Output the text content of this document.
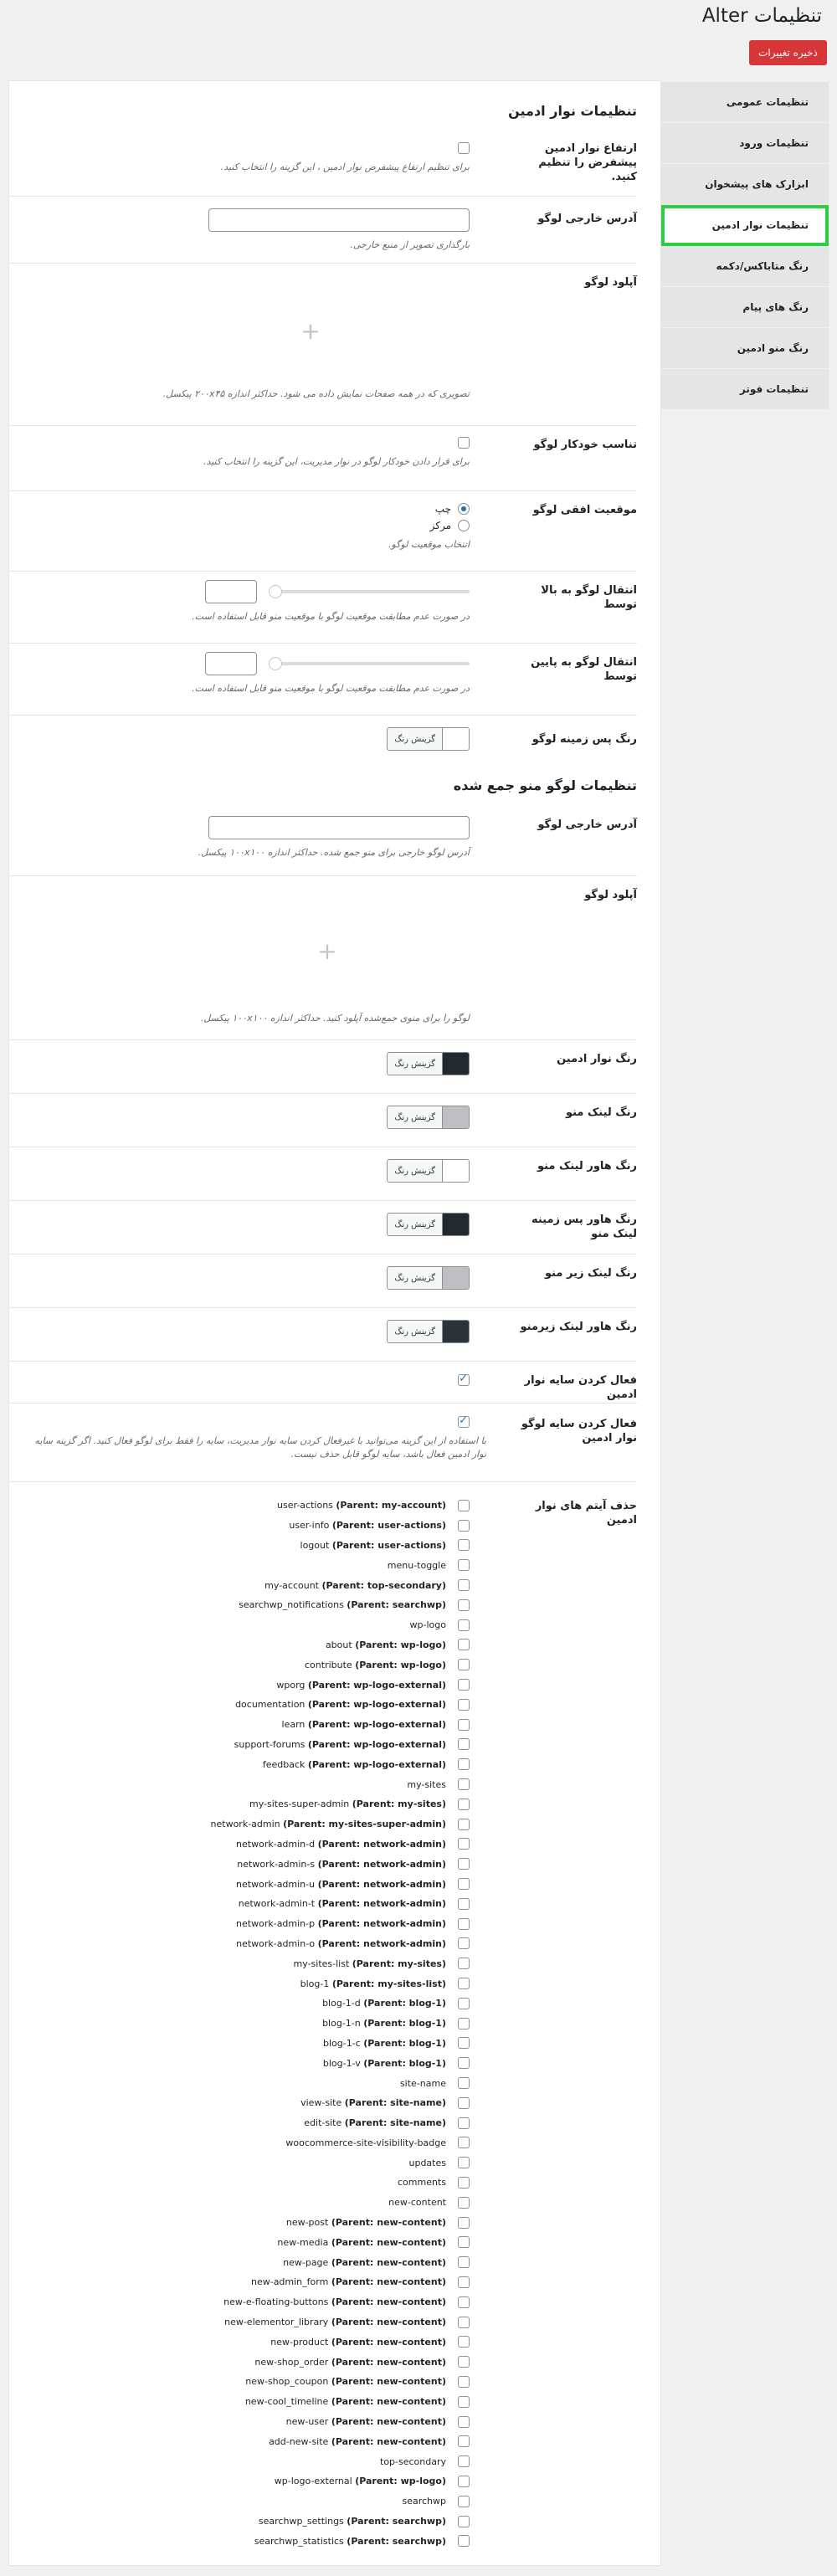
تنظیمات Alter
ذخیره تغییرات
تنظیمات عمومی
تنظیمات ورود
ابزارک های پیشخوان
تنظیمات نوار ادمین
رنگ متاباکس/دکمه
رنگ های پیام
رنگ منو ادمین
تنظیمات فوتر
تنظیمات نوار ادمین
ارتفاع نوار ادمین پیشفرض را تنظیم کنید.
برای تنظیم ارتفاع پیشفرض نوار ادمین ، این گزینه را انتخاب کنید.
آدرس خارجی لوگو
بارگذاری تصویر از منبع خارجی.
آپلود لوگو
+
تصویری که در همه صفحات نمایش داده می شود. حداکثر اندازه ۲۰۰x۴۵ پیکسل.
تناسب خودکار لوگو
برای قرار دادن خودکار لوگو در نوار مدیریت، این گزینه را انتخاب کنید.
موقعیت افقی لوگو
چپ
مرکز
انتخاب موقعیت لوگو.
انتقال لوگو به بالا توسط
در صورت عدم مطابقت موقعیت لوگو با موقعیت منو قابل استفاده است.
انتقال لوگو به پایین توسط
در صورت عدم مطابقت موقعیت لوگو با موقعیت منو قابل استفاده است.
رنگ پس زمینه لوگو
گزینش رنگ
تنظیمات لوگو منو جمع شده
آدرس خارجی لوگو
آدرس لوگو خارجی برای منو جمع شده. حداکثر اندازه ۱۰۰x۱۰۰ پیکسل.
آپلود لوگو
+
لوگو را برای منوی جمع‌شده آپلود کنید. حداکثر اندازه ۱۰۰x۱۰۰ پیکسل.
رنگ نوار ادمین
گزینش رنگ
رنگ لینک منو
گزینش رنگ
رنگ هاور لینک منو
گزینش رنگ
رنگ هاور پس زمینه لینک منو
گزینش رنگ
رنگ لینک زیر منو
گزینش رنگ
رنگ هاور لینک زیرمنو
گزینش رنگ
فعال کردن سایه نوار ادمین
✓
فعال کردن سایه لوگو نوار ادمین
✓
با استفاده از این گزینه می‌توانید با غیرفعال کردن سایه نوار مدیریت، سایه را فقط برای لوگو فعال کنید. اگر گزینه سایه نوار ادمین فعال باشد، سایه لوگو قابل حذف نیست.
حذف آیتم های نوار ادمین
user-actions (Parent: my-account)
user-info (Parent: user-actions)
logout (Parent: user-actions)
menu-toggle
my-account (Parent: top-secondary)
searchwp_notifications (Parent: searchwp)
wp-logo
about (Parent: wp-logo)
contribute (Parent: wp-logo)
wporg (Parent: wp-logo-external)
documentation (Parent: wp-logo-external)
learn (Parent: wp-logo-external)
support-forums (Parent: wp-logo-external)
feedback (Parent: wp-logo-external)
my-sites
my-sites-super-admin (Parent: my-sites)
network-admin (Parent: my-sites-super-admin)
network-admin-d (Parent: network-admin)
network-admin-s (Parent: network-admin)
network-admin-u (Parent: network-admin)
network-admin-t (Parent: network-admin)
network-admin-p (Parent: network-admin)
network-admin-o (Parent: network-admin)
my-sites-list (Parent: my-sites)
blog-1 (Parent: my-sites-list)
blog-1-d (Parent: blog-1)
blog-1-n (Parent: blog-1)
blog-1-c (Parent: blog-1)
blog-1-v (Parent: blog-1)
site-name
view-site (Parent: site-name)
edit-site (Parent: site-name)
woocommerce-site-visibility-badge
updates
comments
new-content
new-post (Parent: new-content)
new-media (Parent: new-content)
new-page (Parent: new-content)
new-admin_form (Parent: new-content)
new-e-floating-buttons (Parent: new-content)
new-elementor_library (Parent: new-content)
new-product (Parent: new-content)
new-shop_order (Parent: new-content)
new-shop_coupon (Parent: new-content)
new-cool_timeline (Parent: new-content)
new-user (Parent: new-content)
add-new-site (Parent: new-content)
top-secondary
wp-logo-external (Parent: wp-logo)
searchwp
searchwp_settings (Parent: searchwp)
searchwp_statistics (Parent: searchwp)
